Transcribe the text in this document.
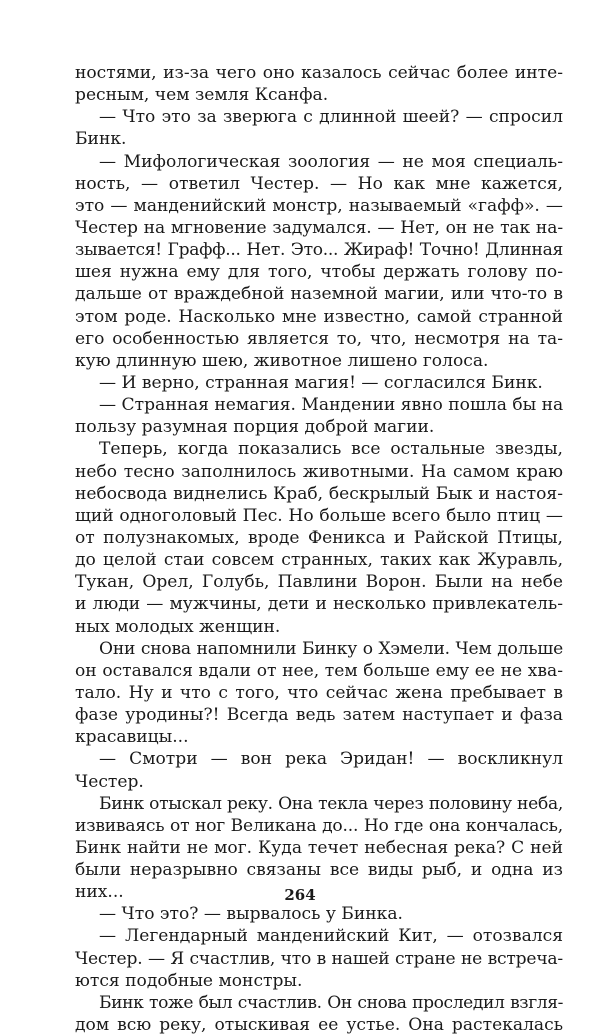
ностями, из-за чего оно казалось сейчас более инте-
ресным, чем земля Ксанфа.
— Что это за зверюга с длинной шеей? — спросил
Бинк.
— Мифологическая зоология — не моя специаль-
ность, — ответил Честер. — Но как мне кажется,
это — манденийский монстр, называемый «гафф». —
Честер на мгновение задумался. — Нет, он не так на-
зывается! Графф... Нет. Это... Жираф! Точно! Длинная
шея нужна ему для того, чтобы держать голову по-
дальше от враждебной наземной магии, или что-то в
этом роде. Насколько мне известно, самой странной
его особенностью является то, что, несмотря на та-
кую длинную шею, животное лишено голоса.
— И верно, странная магия! — согласился Бинк.
— Странная немагия. Мандении явно пошла бы на
пользу разумная порция доброй магии.
Теперь, когда показались все остальные звезды,
небо тесно заполнилось животными. На самом краю
небосвода виднелись Краб, бескрылый Бык и настоя-
щий одноголовый Пес. Но больше всего было птиц —
от полузнакомых, вроде Феникса и Райской Птицы,
до целой стаи совсем странных, таких как Журавль,
Тукан, Орел, Голубь, Павлини Ворон. Были на небе
и люди — мужчины, дети и несколько привлекатель-
ных молодых женщин.
Они снова напомнили Бинку о Хэмели. Чем дольше
он оставался вдали от нее, тем больше ему ее не хва-
тало. Ну и что с того, что сейчас жена пребывает в
фазе уродины?! Всегда ведь затем наступает и фаза
красавицы...
— Смотри — вон река Эридан! — воскликнул
Честер.
Бинк отыскал реку. Она текла через половину неба,
извиваясь от ног Великана до... Но где она кончалась,
Бинк найти не мог. Куда течет небесная река? С ней
были неразрывно связаны все виды рыб, и одна из
них...
— Что это? — вырвалось у Бинка.
— Легендарный манденийский Кит, — отозвался
Честер. — Я счастлив, что в нашей стране не встреча-
ются подобные монстры.
Бинк тоже был счастлив. Он снова проследил взгля-
дом всю реку, отыскивая ее устье. Она растекалась
264
